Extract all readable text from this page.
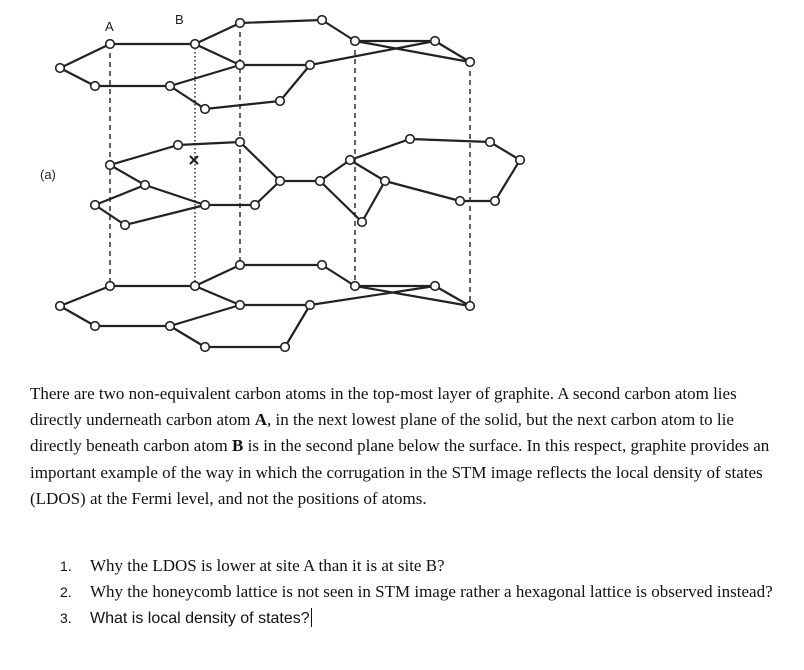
A	B
(a)

There are two non-equivalent carbon atoms in the top-most layer of graphite. A second carbon atom lies directly underneath carbon atom A, in the next lowest plane of the solid, but the next carbon atom to lie directly beneath carbon atom B is in the second plane below the surface. In this respect, graphite provides an important example of the way in which the corrugation in the STM image reflects the local density of states (LDOS) at the Fermi level, and not the positions of atoms.

1. Why the LDOS is lower at site A than it is at site B?
2. Why the honeycomb lattice is not seen in STM image rather a hexagonal lattice is observed instead?
3. What is local density of states?
